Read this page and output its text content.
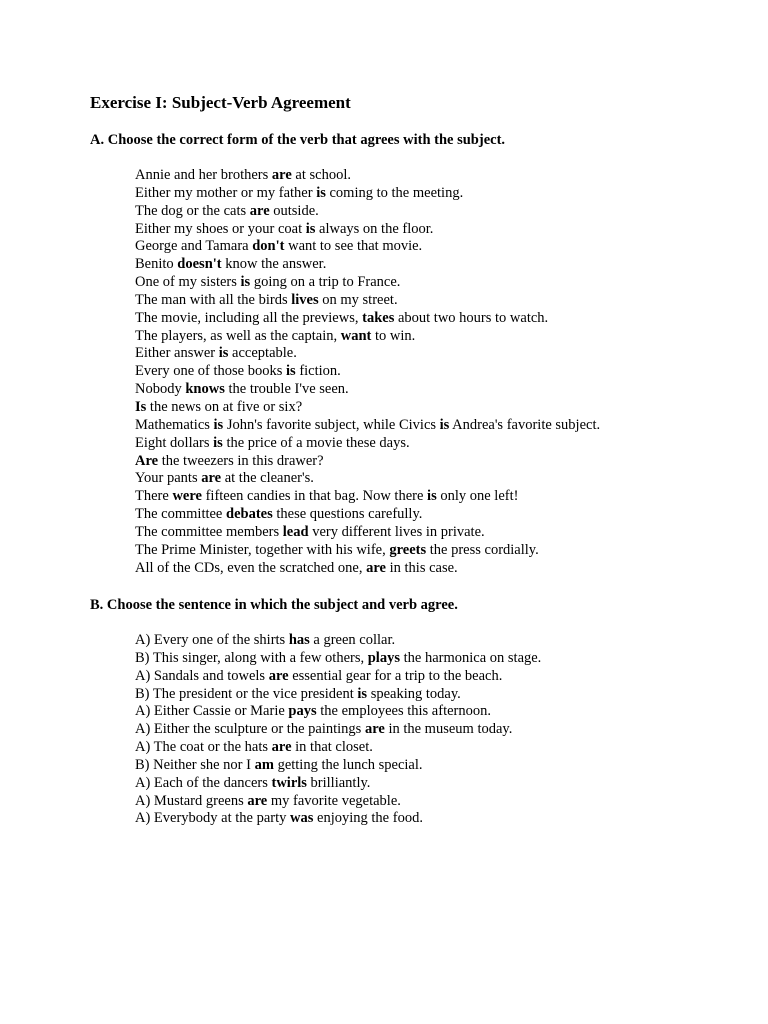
Exercise I: Subject-Verb Agreement
A. Choose the correct form of the verb that agrees with the subject.
Annie and her brothers are at school.
Either my mother or my father is coming to the meeting.
The dog or the cats are outside.
Either my shoes or your coat is always on the floor.
George and Tamara don't want to see that movie.
Benito doesn't know the answer.
One of my sisters is going on a trip to France.
The man with all the birds lives on my street.
The movie, including all the previews, takes about two hours to watch.
The players, as well as the captain, want to win.
Either answer is acceptable.
Every one of those books is fiction.
Nobody knows the trouble I've seen.
Is the news on at five or six?
Mathematics is John's favorite subject, while Civics is Andrea's favorite subject.
Eight dollars is the price of a movie these days.
Are the tweezers in this drawer?
Your pants are at the cleaner's.
There were fifteen candies in that bag. Now there is only one left!
The committee debates these questions carefully.
The committee members lead very different lives in private.
The Prime Minister, together with his wife, greets the press cordially.
All of the CDs, even the scratched one, are in this case.
B. Choose the sentence in which the subject and verb agree.
A) Every one of the shirts has a green collar.
B) This singer, along with a few others, plays the harmonica on stage.
A) Sandals and towels are essential gear for a trip to the beach.
B) The president or the vice president is speaking today.
A) Either Cassie or Marie pays the employees this afternoon.
A) Either the sculpture or the paintings are in the museum today.
A) The coat or the hats are in that closet.
B) Neither she nor I am getting the lunch special.
A) Each of the dancers twirls brilliantly.
A) Mustard greens are my favorite vegetable.
A) Everybody at the party was enjoying the food.
